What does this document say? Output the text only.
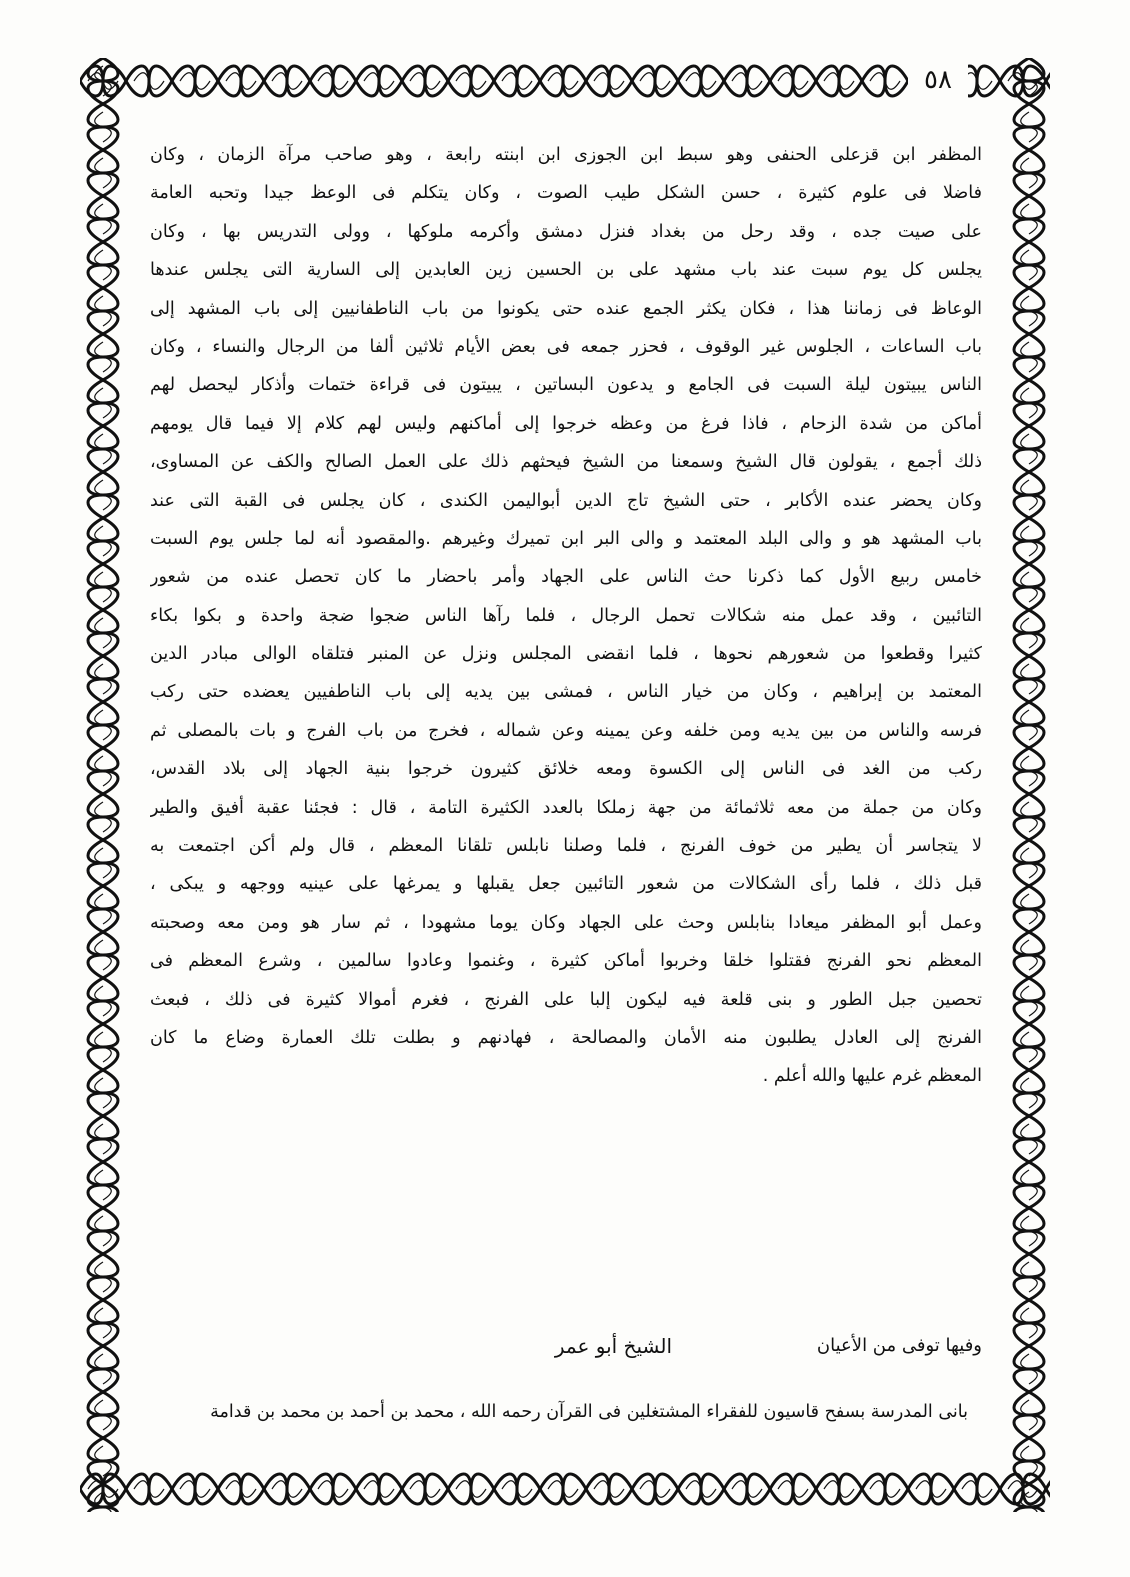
٥٨
المظفر ابن قزعلى الحنفى وهو سبط ابن الجوزى ابن ابنته رابعة ، وهو صاحب مرآة الزمان ، وكان
فاضلا فى علوم كثيرة ، حسن الشكل طيب الصوت ، وكان يتكلم فى الوعظ جيدا وتحبه العامة
على صيت جده ، وقد رحل من بغداد فنزل دمشق وأكرمه ملوكها ، وولى التدريس بها ، وكان
يجلس كل يوم سبت عند باب مشهد على بن الحسين زين العابدين إلى السارية التى يجلس عندها
الوعاظ فى زماننا هذا ، فكان يكثر الجمع عنده حتى يكونوا من باب الناطفانيين إلى باب المشهد إلى
باب الساعات ، الجلوس غير الوقوف ، فحزر جمعه فى بعض الأيام ثلاثين ألفا من الرجال والنساء ، وكان
الناس يبيتون ليلة السبت فى الجامع و يدعون البساتين ، يبيتون فى قراءة ختمات وأذكار ليحصل لهم
أماكن من شدة الزحام ، فاذا فرغ من وعظه خرجوا إلى أماكنهم وليس لهم كلام إلا فيما قال يومهم
ذلك أجمع ، يقولون قال الشيخ وسمعنا من الشيخ فيحثهم ذلك على العمل الصالح والكف عن المساوى،
وكان يحضر عنده الأكابر ، حتى الشيخ تاج الدين أبواليمن الكندى ، كان يجلس فى القبة التى عند
باب المشهد هو و والى البلد المعتمد و والى البر ابن تميرك وغيرهم .والمقصود أنه لما جلس يوم السبت
خامس ربيع الأول كما ذكرنا حث الناس على الجهاد وأمر باحضار ما كان تحصل عنده من شعور
التائبين ، وقد عمل منه شكالات تحمل الرجال ، فلما رآها الناس ضجوا ضجة واحدة و بكوا بكاء
كثيرا وقطعوا من شعورهم نحوها ، فلما انقضى المجلس ونزل عن المنبر فتلقاه الوالى مبادر الدين
المعتمد بن إبراهيم ، وكان من خيار الناس ، فمشى بين يديه إلى باب الناطفيين يعضده حتى ركب
فرسه والناس من بين يديه ومن خلفه وعن يمينه وعن شماله ، فخرج من باب الفرج و بات بالمصلى ثم
ركب من الغد فى الناس إلى الكسوة ومعه خلائق كثيرون خرجوا بنية الجهاد إلى بلاد القدس،
وكان من جملة من معه ثلاثمائة من جهة زملكا بالعدد الكثيرة التامة ، قال : فجئنا عقبة أفيق والطير
لا يتجاسر أن يطير من خوف الفرنج ، فلما وصلنا نابلس تلقانا المعظم ، قال ولم أكن اجتمعت به
قبل ذلك ، فلما رأى الشكالات من شعور التائبين جعل يقبلها و يمرغها على عينيه ووجهه و يبكى ،
وعمل أبو المظفر ميعادا بنابلس وحث على الجهاد وكان يوما مشهودا ، ثم سار هو ومن معه وصحبته
المعظم نحو الفرنج فقتلوا خلقا وخربوا أماكن كثيرة ، وغنموا وعادوا سالمين ، وشرع المعظم فى
تحصين جبل الطور و بنى قلعة فيه ليكون إلبا على الفرنج ، فغرم أموالا كثيرة فى ذلك ، فبعث
الفرنج إلى العادل يطلبون منه الأمان والمصالحة ، فهادنهم و بطلت تلك العمارة وضاع ما كان
المعظم غرم عليها والله أعلم .
وفيها توفى من الأعيان
الشيخ أبو عمر
بانى المدرسة بسفح قاسيون للفقراء المشتغلين فى القرآن رحمه الله ، محمد بن أحمد بن محمد بن قدامة
